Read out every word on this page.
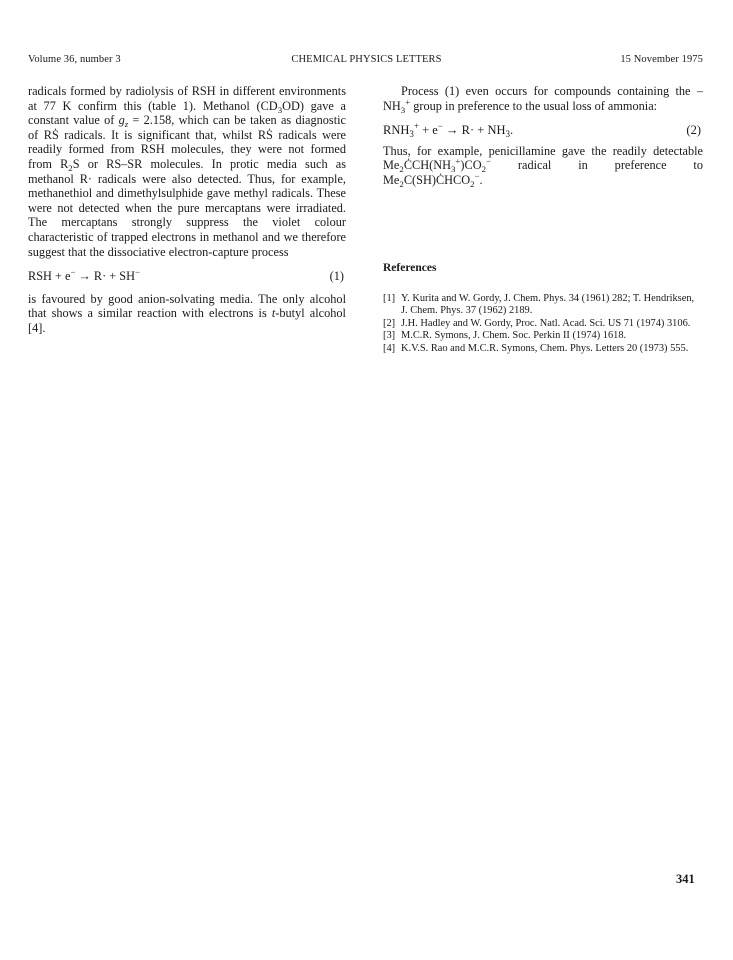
Volume 36, number 3	CHEMICAL PHYSICS LETTERS	15 November 1975

radicals formed by radiolysis of RSH in different environments at 77 K confirm this (table 1). Methanol $(CD_3OD)$ gave a constant value of $g_z = 2.158$, which can be taken as diagnostic of RS radicals. It is significant that, whilst RS radicals were readily formed from RSH molecules, they were not formed from $R_2S$ or RS–SR molecules. In protic media such as methanol R· radicals were also detected. Thus, for example, methanethiol and dimethylsulphide gave methyl radicals. These were not detected when the pure mercaptans were irradiated. The mercaptans strongly suppress the violet colour characteristic of trapped electrons in methanol and we therefore suggest that the dissociative electron-capture process

RSH + e− → R· + SH−	(1)

is favoured by good anion-solvating media. The only alcohol that shows a similar reaction with electrons is t-butyl alcohol [4].

Process (1) even occurs for compounds containing the $-NH_3^+$ group in preference to the usual loss of ammonia:

$RNH_3^+ + e^- \to R\cdot + NH_3$.	(2)

Thus, for example, penicillamine gave the readily detectable $Me_2ĊCH(NH_3^+)CO_2^-$ radical in preference to $Me_2C(SH)ĊHCO_2^-$.

References
[1] Y. Kurita and W. Gordy, J. Chem. Phys. 34 (1961) 282; T. Hendriksen, J. Chem. Phys. 37 (1962) 2189.
[2] J.H. Hadley and W. Gordy, Proc. Natl. Acad. Sci. US 71 (1974) 3106.
[3] M.C.R. Symons, J. Chem. Soc. Perkin II (1974) 1618.
[4] K.V.S. Rao and M.C.R. Symons, Chem. Phys. Letters 20 (1973) 555.
341
